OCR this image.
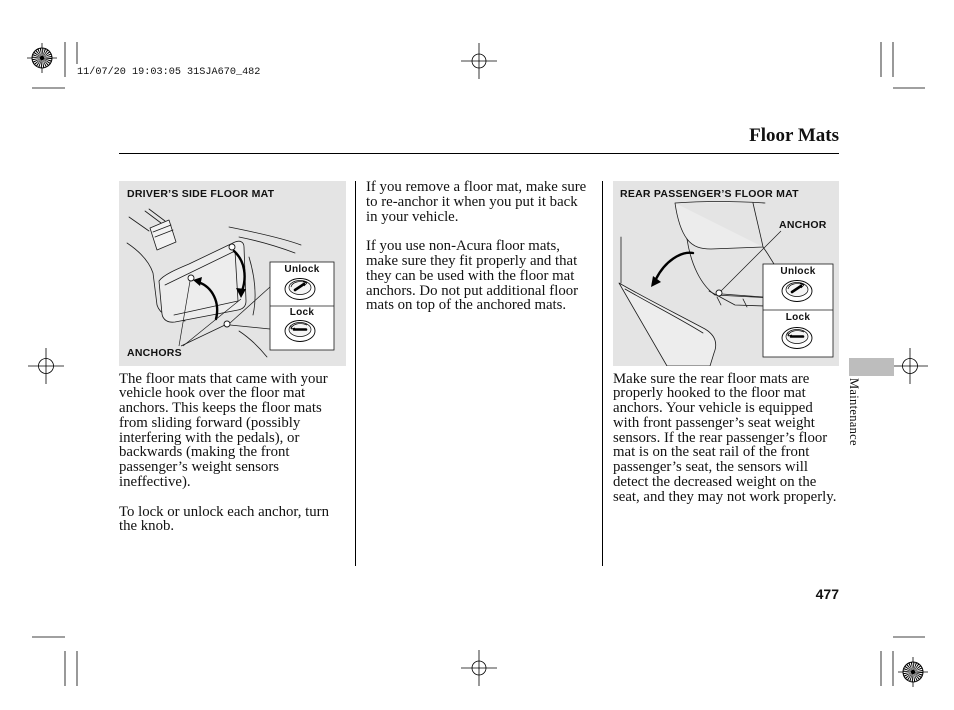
11/07/20 19:03:05 31SJA670_482
Floor Mats
DRIVER’S SIDE FLOOR MAT
ANCHORS
Unlock
Lock
REAR PASSENGER’S FLOOR MAT
ANCHOR
Unlock
Lock

The floor mats that came with your
vehicle hook over the floor mat
anchors. This keeps the floor mats
from sliding forward (possibly
interfering with the pedals), or
backwards (making the front
passenger’s weight sensors
ineffective).

To lock or unlock each anchor, turn
the knob.

If you remove a floor mat, make sure
to re-anchor it when you put it back
in your vehicle.

If you use non-Acura floor mats,
make sure they fit properly and that
they can be used with the floor mat
anchors. Do not put additional floor
mats on top of the anchored mats.

Make sure the rear floor mats are
properly hooked to the floor mat
anchors. Your vehicle is equipped
with front passenger’s seat weight
sensors. If the rear passenger’s floor
mat is on the seat rail of the front
passenger’s seat, the sensors will
detect the decreased weight on the
seat, and they may not work properly.

Maintenance
477
